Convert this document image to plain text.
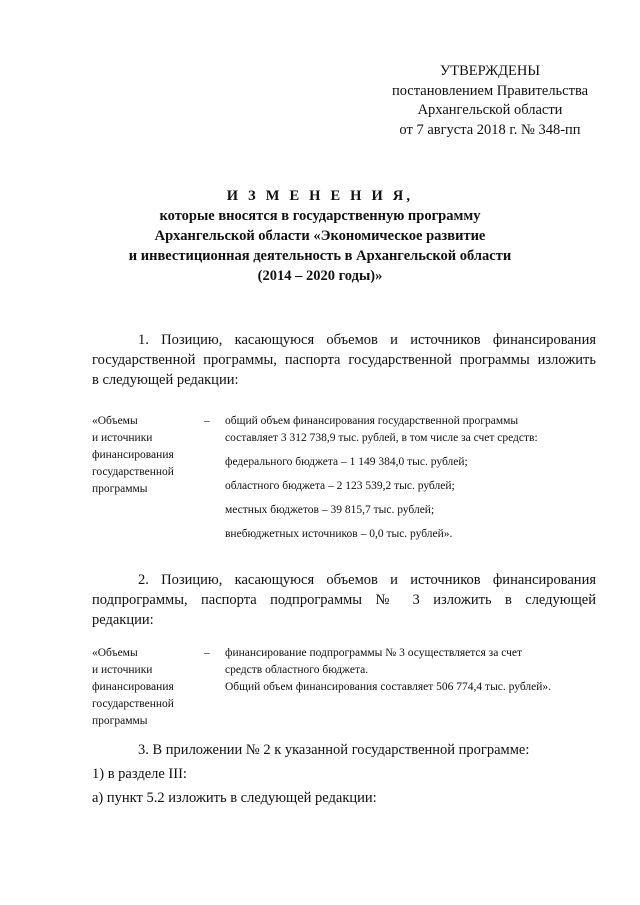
УТВЕРЖДЕНЫ
постановлением Правительства
Архангельской области
от 7 августа 2018 г. № 348-пп
И З М Е Н Е Н И Я,
которые вносятся в государственную программу
Архангельской области «Экономическое развитие
и инвестиционная деятельность в Архангельской области
(2014 – 2020 годы)»
1. Позицию, касающуюся объемов и источников финансирования
государственной программы, паспорта государственной программы изложить
в следующей редакции:
«Объемы
и источники
финансирования
государственной
программы
– общий объем финансирования государственной программы
составляет 3 312 738,9 тыс. рублей, в том числе за счет средств:
федерального бюджета – 1 149 384,0 тыс. рублей;
областного бюджета – 2 123 539,2 тыс. рублей;
местных бюджетов – 39 815,7 тыс. рублей;
внебюджетных источников – 0,0 тыс. рублей».
2. Позицию, касающуюся объемов и источников финансирования
подпрограммы, паспорта подпрограммы № 3 изложить в следующей
редакции:
«Объемы
и источники
финансирования
государственной
программы
– финансирование подпрограммы № 3 осуществляется за счет
средств областного бюджета.
Общий объем финансирования составляет 506 774,4 тыс. рублей».
3. В приложении № 2 к указанной государственной программе:
1) в разделе III:
а) пункт 5.2 изложить в следующей редакции:
